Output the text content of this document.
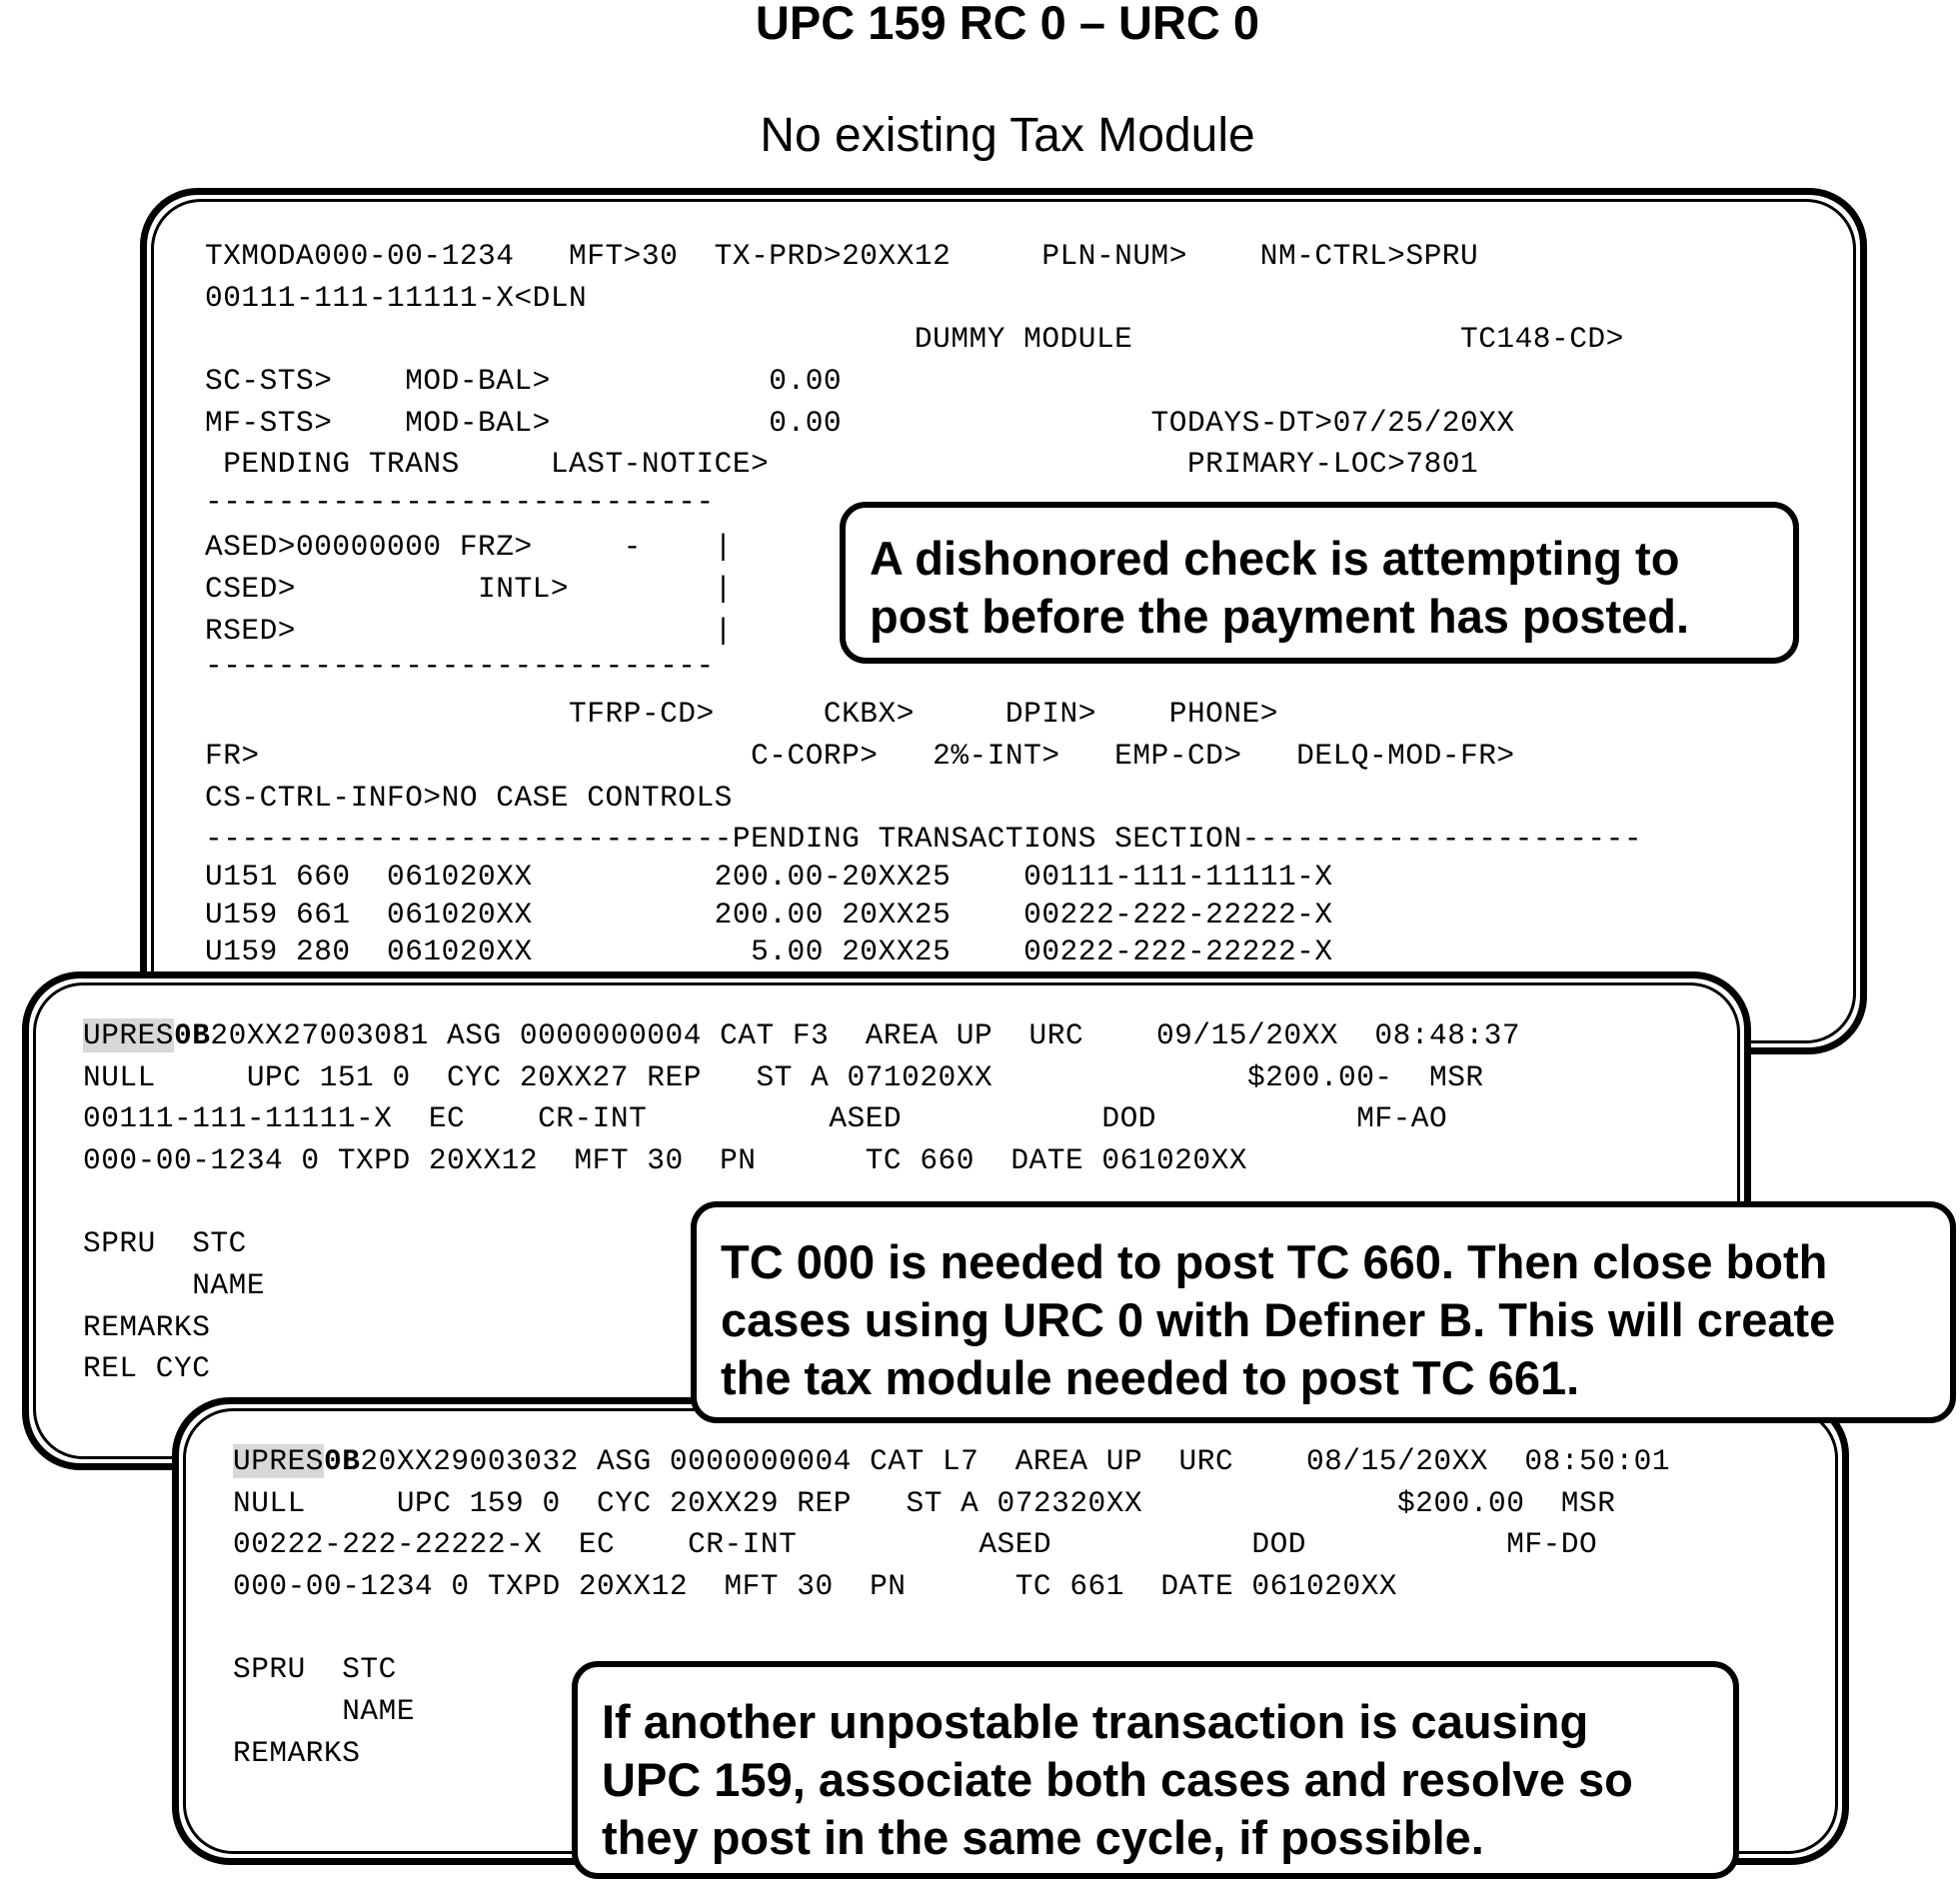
UPC 159 RC 0 – URC 0
No existing Tax Module
TXMODA000-00-1234   MFT>30  TX-PRD>20XX12     PLN-NUM>    NM-CTRL>SPRU
00111-111-11111-X<DLN
DUMMY MODULE                  TC148-CD>
SC-STS>    MOD-BAL>            0.00
MF-STS>    MOD-BAL>            0.00                 TODAYS-DT>07/25/20XX
PENDING TRANS     LAST-NOTICE>                       PRIMARY-LOC>7801
----------------------------
ASED>00000000 FRZ>     -    |
CSED>          INTL>        |
RSED>                       |
----------------------------
TFRP-CD>      CKBX>     DPIN>    PHONE>
FR>                           C-CORP>   2%-INT>   EMP-CD>   DELQ-MOD-FR>
CS-CTRL-INFO>NO CASE CONTROLS
-----------------------------PENDING TRANSACTIONS SECTION----------------------
U151 660  061020XX          200.00-20XX25    00111-111-11111-X
U159 661  061020XX          200.00 20XX25    00222-222-22222-X
U159 280  061020XX            5.00 20XX25    00222-222-22222-X
UPRES0B20XX27003081 ASG 0000000004 CAT F3  AREA UP  URC    09/15/20XX  08:48:37
NULL     UPC 151 0  CYC 20XX27 REP   ST A 071020XX              $200.00-  MSR
00111-111-11111-X  EC    CR-INT          ASED           DOD           MF-AO
000-00-1234 0 TXPD 20XX12  MFT 30  PN      TC 660  DATE 061020XX
SPRU  STC
NAME
REMARKS
REL CYC
UPRES0B20XX29003032 ASG 0000000004 CAT L7  AREA UP  URC    08/15/20XX  08:50:01
NULL     UPC 159 0  CYC 20XX29 REP   ST A 072320XX              $200.00  MSR
00222-222-22222-X  EC    CR-INT          ASED           DOD           MF-DO
000-00-1234 0 TXPD 20XX12  MFT 30  PN      TC 661  DATE 061020XX
SPRU  STC
NAME
REMARKS
A dishonored check is attempting to
post before the payment has posted.
TC 000 is needed to post TC 660. Then close both
cases using URC 0 with Definer B. This will create
the tax module needed to post TC 661.
If another unpostable transaction is causing
UPC 159, associate both cases and resolve so
they post in the same cycle, if possible.
